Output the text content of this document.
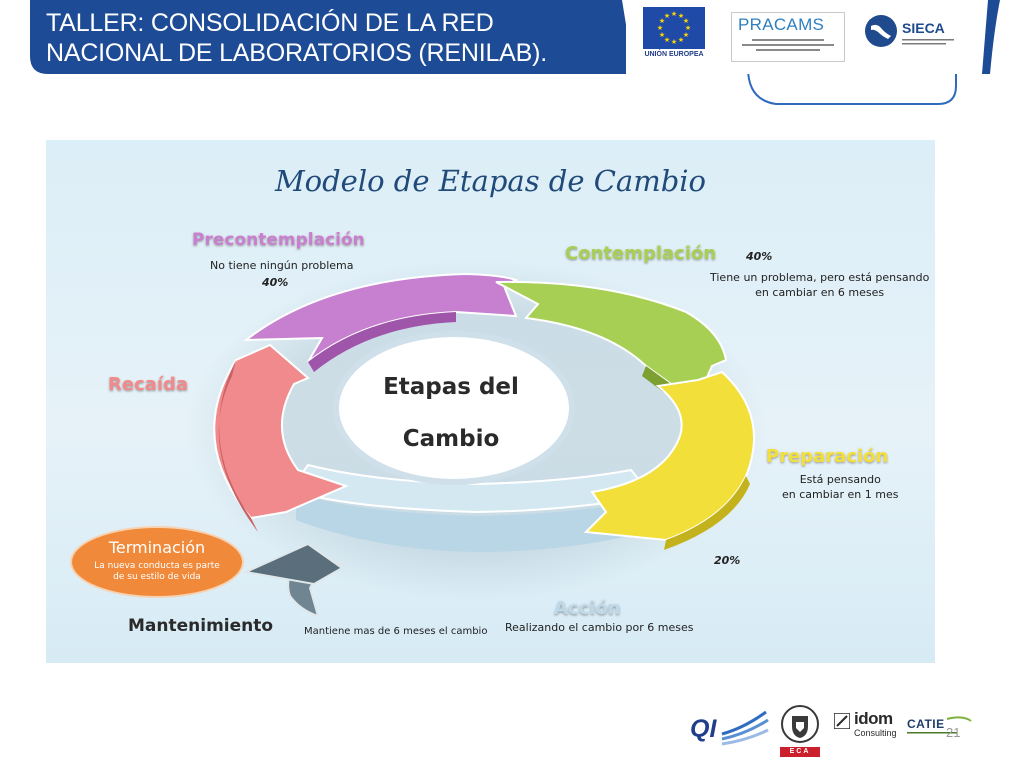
TALLER: CONSOLIDACIÓN DE LA RED
NACIONAL DE LABORATORIOS (RENILAB).
★ ★
★
★
★
★
★
★
★
★
★
★
UNIÓN EUROPEA
PRACAMS	SIECA
Modelo de Etapas de Cambio
Precontemplación
No tiene ningún problema
40%
Contemplación	40%
Tiene un problema, pero está pensando
en cambiar en 6 meses
Recaída
Preparación
Está pensando
en cambiar en 1 mes
20%
Acción
Realizando el cambio por 6 meses
Mantenimiento	Mantiene mas de 6 meses el cambio
Terminación
La nueva conducta es parte
de su estilo de vida
Etapas del
Cambio
QI
ECA
idom
Consulting
CATIE
21
